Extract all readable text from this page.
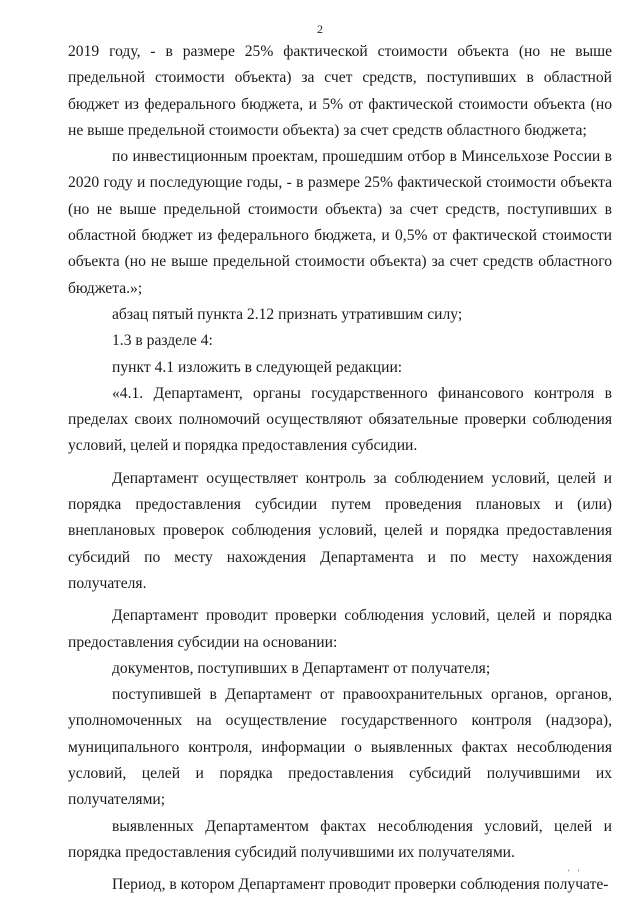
2

2019 году, - в размере 25% фактической стоимости объекта (но не выше предельной стоимости объекта) за счет средств, поступивших в областной бюджет из федерального бюджета, и 5% от фактической стоимости объекта (но не выше предельной стоимости объекта) за счет средств областного бюджета;

по инвестиционным проектам, прошедшим отбор в Минсельхозе России в 2020 году и последующие годы, - в размере 25% фактической стоимости объекта (но не выше предельной стоимости объекта) за счет средств, поступивших в областной бюджет из федерального бюджета, и 0,5% от фактической стоимости объекта (но не выше предельной стоимости объекта) за счет средств областного бюджета.»;

абзац пятый пункта 2.12 признать утратившим силу;

1.3 в разделе 4:

пункт 4.1 изложить в следующей редакции:

«4.1. Департамент, органы государственного финансового контроля в пределах своих полномочий осуществляют обязательные проверки соблюдения условий, целей и порядка предоставления субсидии.

Департамент осуществляет контроль за соблюдением условий, целей и порядка предоставления субсидии путем проведения плановых и (или) внеплановых проверок соблюдения условий, целей и порядка предоставления субсидий по месту нахождения Департамента и по месту нахождения получателя.

Департамент проводит проверки соблюдения условий, целей и порядка предоставления субсидии на основании:

документов, поступивших в Департамент от получателя;

поступившей в Департамент от правоохранительных органов, органов, уполномоченных на осуществление государственного контроля (надзора), муниципального контроля, информации о выявленных фактах несоблюдения условий, целей и порядка предоставления субсидий получившими их получателями;

выявленных Департаментом фактах несоблюдения условий, целей и порядка предоставления субсидий получившими их получателями.

Период, в котором Департамент проводит проверки соблюдения получате-

' '
